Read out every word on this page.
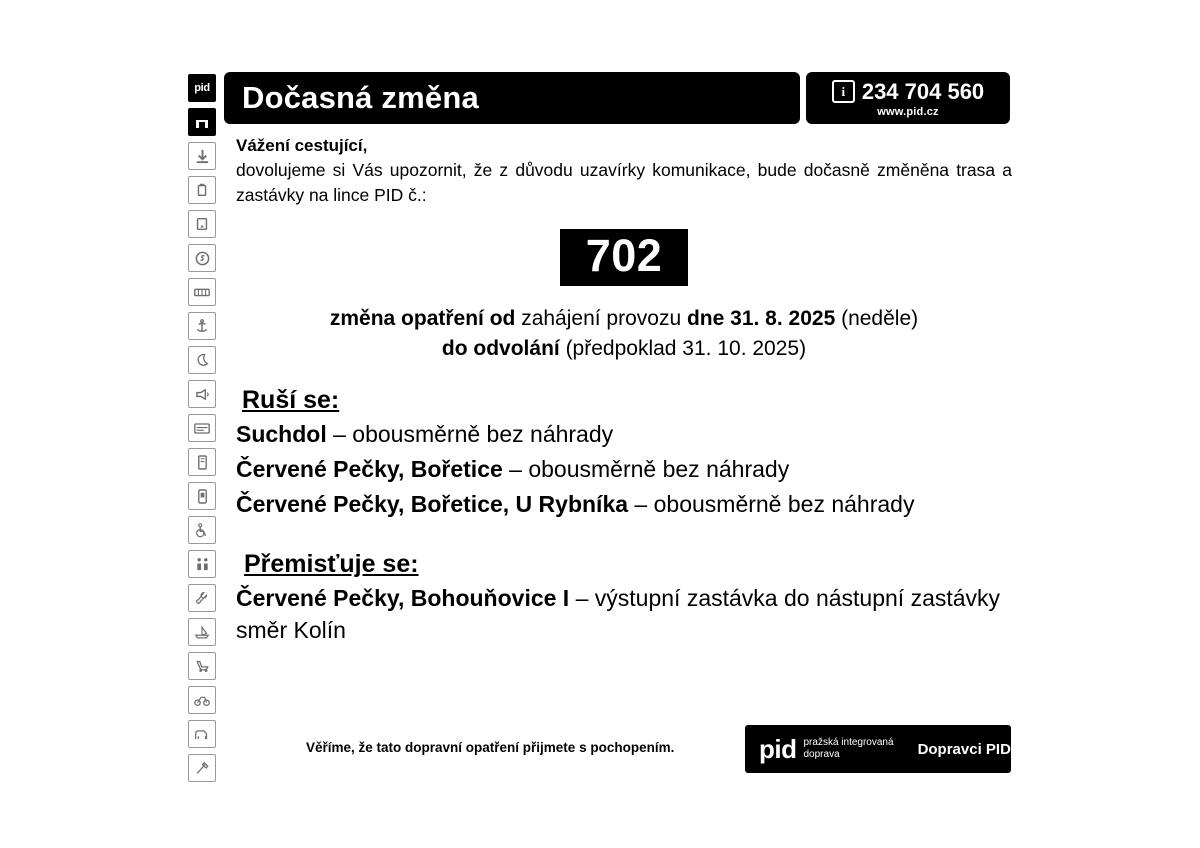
pid Dočasná změna	i 234 704 560
www.pid.cz

Vážení cestující,

dovolujeme si Vás upozornit, že z důvodu uzavírky komunikace, bude dočasně změněna trasa a zastávky na lince PID č.:

702
změna opatření od zahájení provozu dne 31. 8. 2025 (neděle)
do odvolání (předpoklad 31. 10. 2025)
Ruší se:
Suchdol – obousměrně bez náhrady
Červené Pečky, Bořetice – obousměrně bez náhrady
Červené Pečky, Bořetice, U Rybníka – obousměrně bez náhrady
Přemisťuje se:
Červené Pečky, Bohouňovice I – výstupní zastávka do nástupní zastávky směr Kolín
Věříme, že tato dopravní opatření přijmete s pochopením.	pid pražská integrovaná
doprava	Dopravci PID
